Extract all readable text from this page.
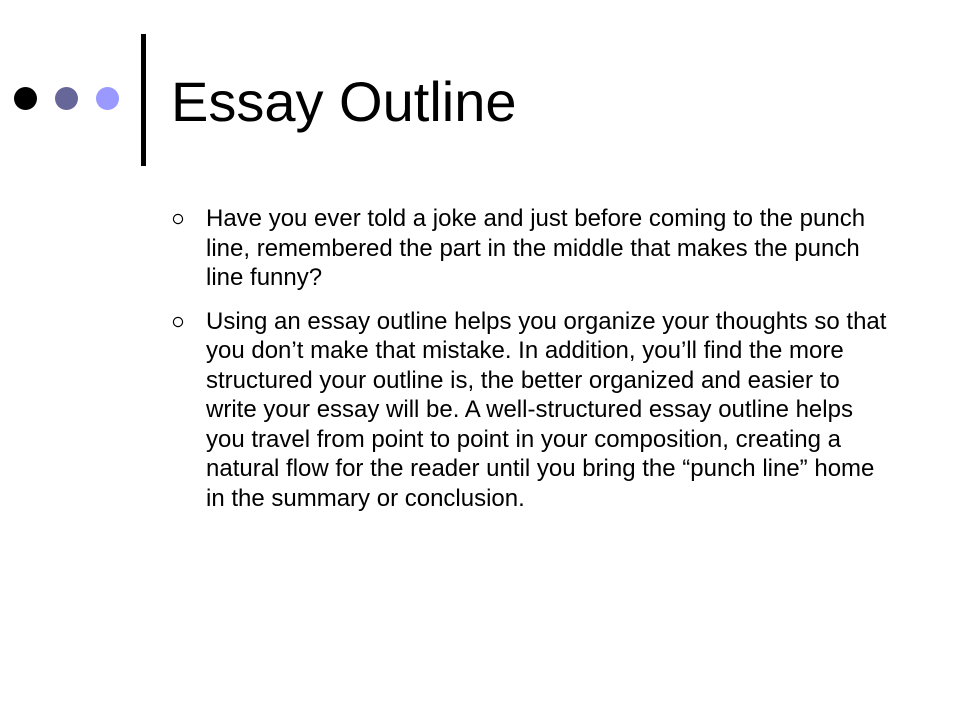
Essay Outline
Have you ever told a joke and just before coming to the punch line, remembered the part in the middle that makes the punch line funny?
Using an essay outline helps you organize your thoughts so that you don’t make that mistake. In addition, you’ll find the more structured your outline is, the better organized and easier to write your essay will be. A well-structured essay outline helps you travel from point to point in your composition, creating a natural flow for the reader until you bring the “punch line” home in the summary or conclusion.
